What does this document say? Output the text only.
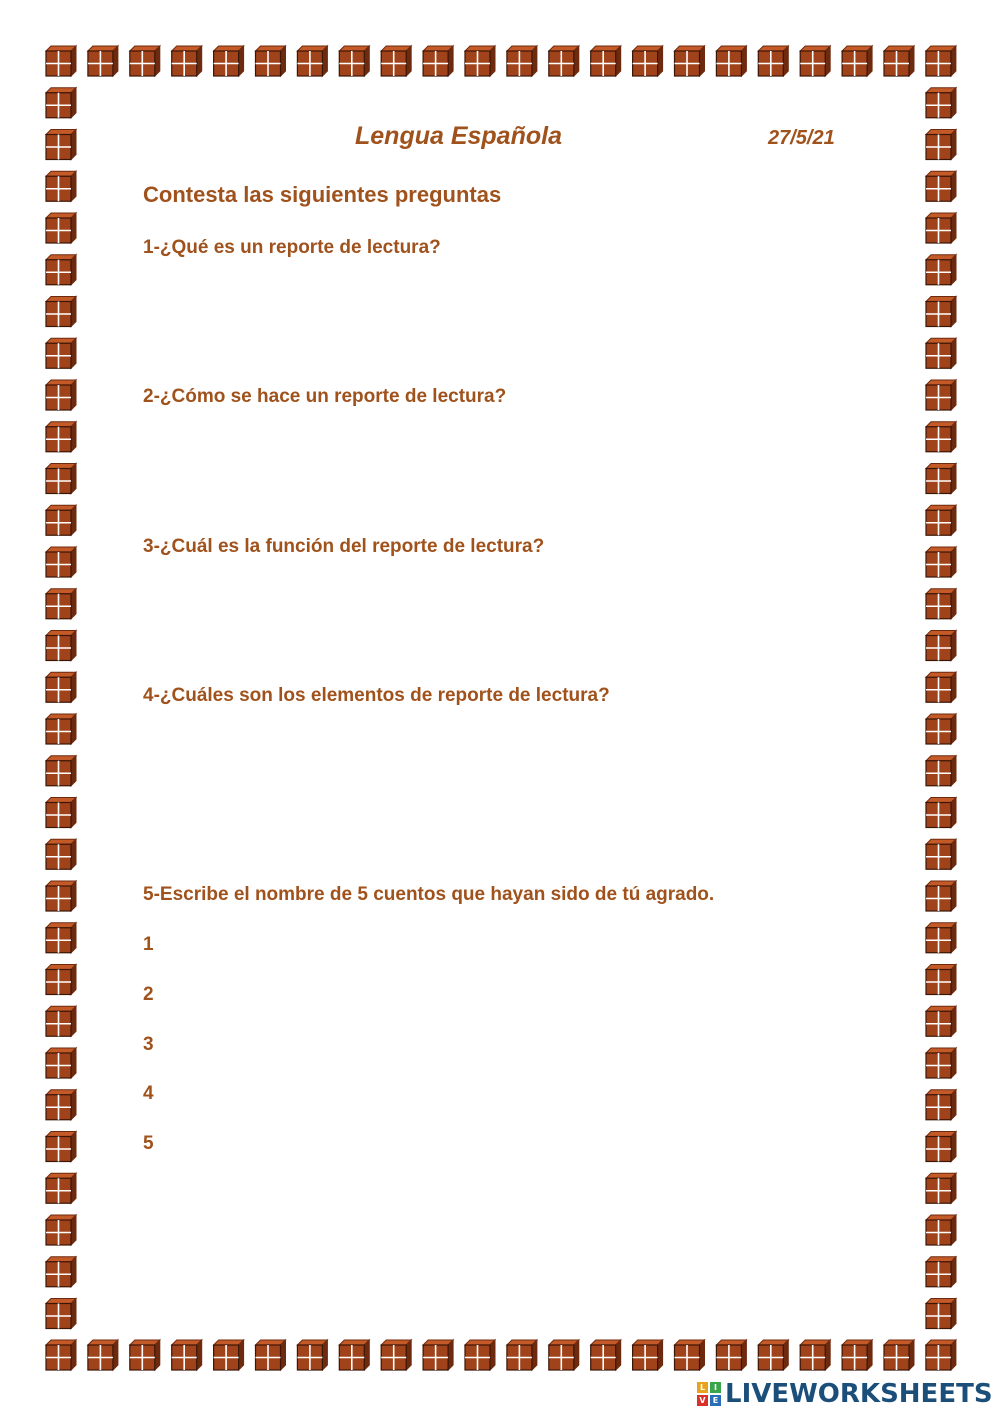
Lengua Española	27/5/21
Contesta las siguientes preguntas
1-¿Qué es un reporte de lectura?
2-¿Cómo se hace un reporte de lectura?
3-¿Cuál es la función del reporte de lectura?
4-¿Cuáles son los elementos de reporte de lectura?
5-Escribe el nombre de 5 cuentos que hayan sido de tú agrado.
1
2
3
4
5
L	I
V E LIVEWORKSHEETS
